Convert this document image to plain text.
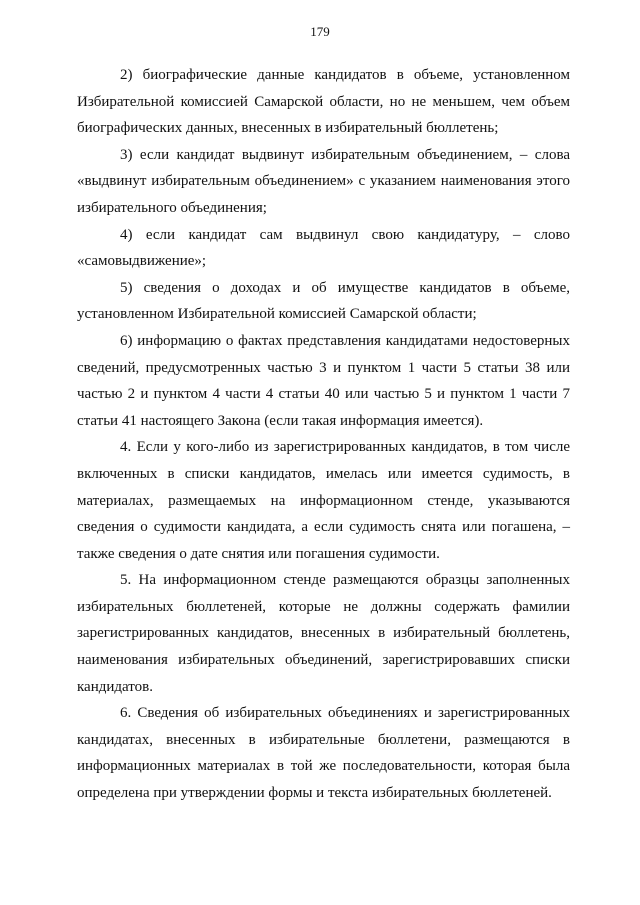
179

2) биографические данные кандидатов в объеме, установленном Избирательной комиссией Самарской области, но не меньшем, чем объем биографических данных, внесенных в избирательный бюллетень;

3) если кандидат выдвинут избирательным объединением, – слова «выдвинут избирательным объединением» с указанием наименования этого избирательного объединения;

4) если кандидат сам выдвинул свою кандидатуру, – слово «самовыдвижение»;

5) сведения о доходах и об имуществе кандидатов в объеме, установленном Избирательной комиссией Самарской области;

6) информацию о фактах представления кандидатами недостоверных сведений, предусмотренных частью 3 и пунктом 1 части 5 статьи 38 или частью 2 и пунктом 4 части 4 статьи 40 или частью 5 и пунктом 1 части 7 статьи 41 настоящего Закона (если такая информация имеется).

4. Если у кого-либо из зарегистрированных кандидатов, в том числе включенных в списки кандидатов, имелась или имеется судимость, в материалах, размещаемых на информационном стенде, указываются сведения о судимости кандидата, а если судимость снята или погашена, – также сведения о дате снятия или погашения судимости.

5. На информационном стенде размещаются образцы заполненных избирательных бюллетеней, которые не должны содержать фамилии зарегистрированных кандидатов, внесенных в избирательный бюллетень, наименования избирательных объединений, зарегистрировавших списки кандидатов.

6. Сведения об избирательных объединениях и зарегистрированных кандидатах, внесенных в избирательные бюллетени, размещаются в информационных материалах в той же последовательности, которая была определена при утверждении формы и текста избирательных бюллетеней.
